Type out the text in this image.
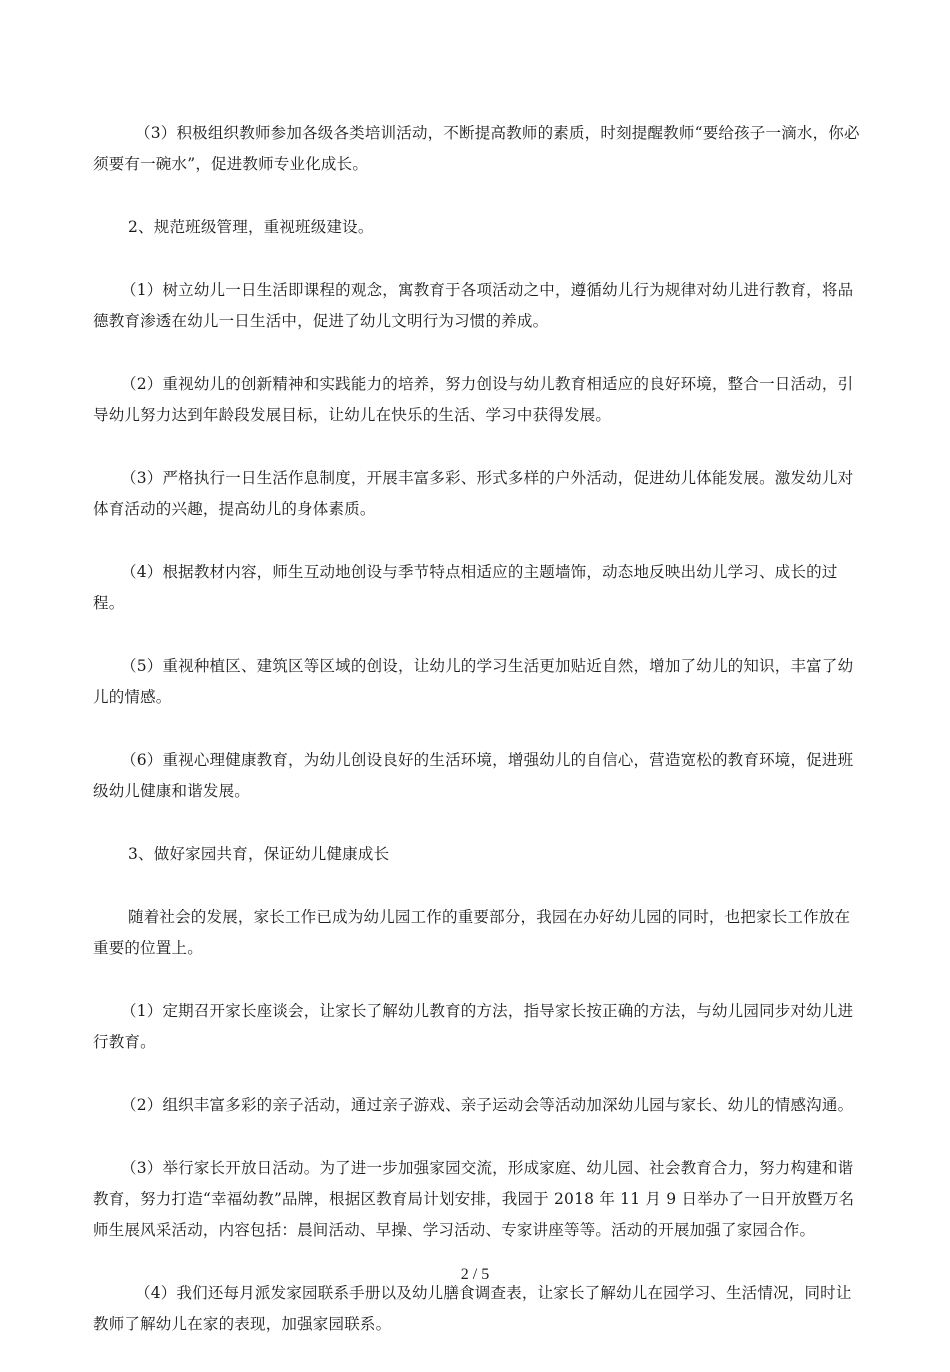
（3）积极组织教师参加各级各类培训活动，不断提高教师的素质，时刻提醒教师“要给孩子一滴水，你必须要有一碗水”，促进教师专业化成长。

2、规范班级管理，重视班级建设。

（1）树立幼儿一日生活即课程的观念，寓教育于各项活动之中，遵循幼儿行为规律对幼儿进行教育，将品德教育渗透在幼儿一日生活中，促进了幼儿文明行为习惯的养成。

（2）重视幼儿的创新精神和实践能力的培养，努力创设与幼儿教育相适应的良好环境，整合一日活动，引导幼儿努力达到年龄段发展目标，让幼儿在快乐的生活、学习中获得发展。

（3）严格执行一日生活作息制度，开展丰富多彩、形式多样的户外活动，促进幼儿体能发展。激发幼儿对体育活动的兴趣，提高幼儿的身体素质。

（4）根据教材内容，师生互动地创设与季节特点相适应的主题墙饰，动态地反映出幼儿学习、成长的过程。

（5）重视种植区、建筑区等区域的创设，让幼儿的学习生活更加贴近自然，增加了幼儿的知识，丰富了幼儿的情感。

（6）重视心理健康教育，为幼儿创设良好的生活环境，增强幼儿的自信心，营造宽松的教育环境，促进班级幼儿健康和谐发展。

3、做好家园共育，保证幼儿健康成长

随着社会的发展，家长工作已成为幼儿园工作的重要部分，我园在办好幼儿园的同时，也把家长工作放在重要的位置上。

（1）定期召开家长座谈会，让家长了解幼儿教育的方法，指导家长按正确的方法，与幼儿园同步对幼儿进行教育。

（2）组织丰富多彩的亲子活动，通过亲子游戏、亲子运动会等活动加深幼儿园与家长、幼儿的情感沟通。

（3）举行家长开放日活动。为了进一步加强家园交流，形成家庭、幼儿园、社会教育合力，努力构建和谐教育，努力打造“幸福幼教”品牌，根据区教育局计划安排，我园于 2018 年 11 月 9 日举办了一日开放暨万名师生展风采活动，内容包括：晨间活动、早操、学习活动、专家讲座等等。活动的开展加强了家园合作。

（4）我们还每月派发家园联系手册以及幼儿膳食调查表，让家长了解幼儿在园学习、生活情况，同时让教师了解幼儿在家的表现，加强家园联系。

2 / 5
